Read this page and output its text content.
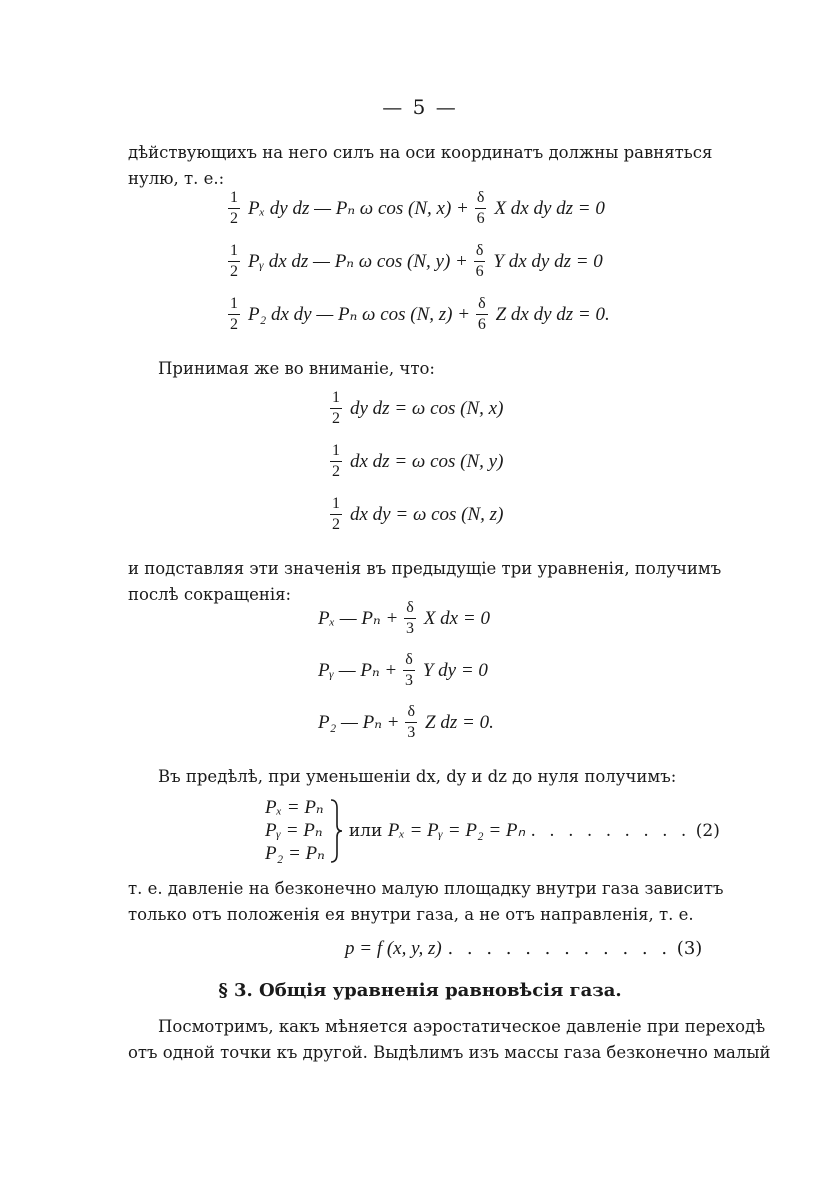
— 5 —
дѣйствующихъ на него силъ на оси координатъ должны равняться
нулю, т. е.:
$\frac{1}{2}$ Pₓ dy dz — Pₙ ω cos (N, $x) + \frac{\delta}{6}$ X dx dy dz = 0
$\frac{1}{2}$ Pᵧ dx dz — Pₙ ω cos (N, $y) + \frac{\delta}{6}$ Y dx dy dz = 0
$\frac{1}{2} P_2$ dx dy — Pₙ ω cos (N, $z) + \frac{\delta}{6}$ Z dx dy dz = 0.
Принимая же во вниманіе, что:
$\frac{1}{2}$ dy dz = ω cos (N, x)
$\frac{1}{2}$ dx dz = ω cos (N, y)
$\frac{1}{2}$ dx dy = ω cos (N, z)
и подставляя эти значенія въ предыдущіе три уравненія, получимъ
послѣ сокращенія:
Pₓ — $P_n + \frac{\delta}{3}$ X dx = 0
Pᵧ — $P_n + \frac{\delta}{3}$ Y dy = 0
P₂ — $P_n + \frac{\delta}{3}$ Z dz = 0.
Въ предѣлѣ, при уменьшеніи dx, dy и dz до нуля получимъ:
Pₓ = Pₙ
Pᵧ = Pₙ
P₂ = Pₙ
или Pₓ = Pᵧ = P₂ = Pₙ . . . . . . . . . (2)
т. е. давленіе на безконечно малую площадку внутри газа зависитъ
только отъ положенія ея внутри газа, а не отъ направленія, т. е.
p = f (x, y, z) . . . . . . . . . . . . (3)
§ 3. Общія уравненія равновѣсія газа.
Посмотримъ, какъ мѣняется аэростатическое давленіе при переходѣ
отъ одной точки къ другой. Выдѣлимъ изъ массы газа безконечно малый
